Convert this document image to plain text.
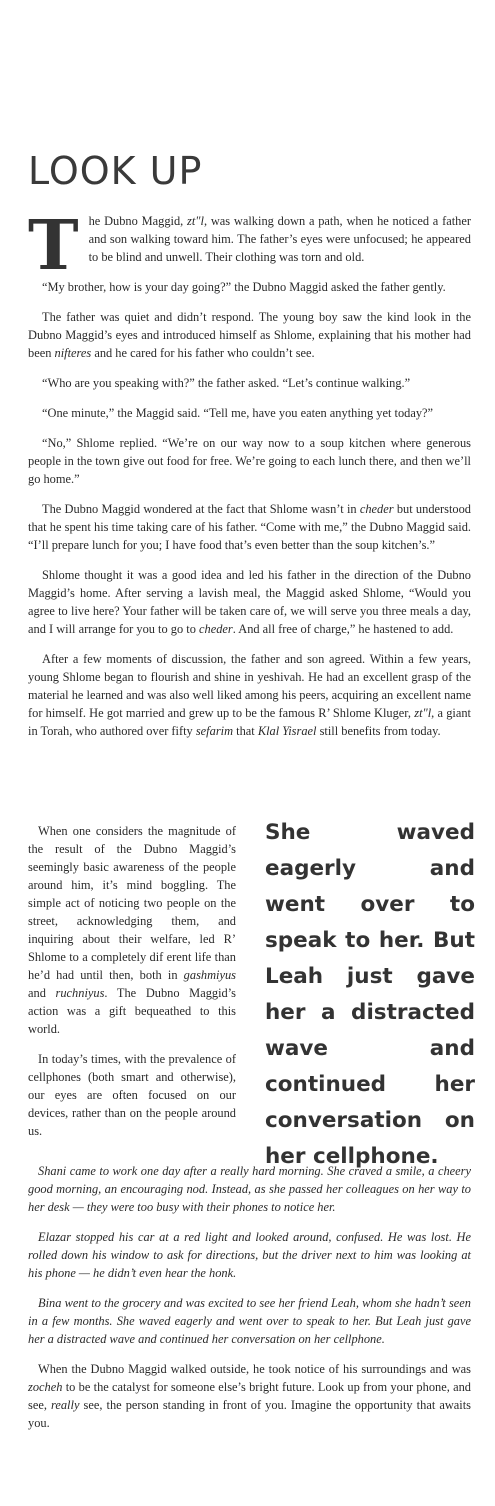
LOOK UP

The Dubno Maggid, zt"l, was walking down a path, when he noticed a father and son walking toward him. The father’s eyes were unfocused; he appeared to be blind and unwell. Their clothing was torn and old.

“My brother, how is your day going?” the Dubno Maggid asked the father gently.

The father was quiet and didn’t respond. The young boy saw the kind look in the Dubno Maggid’s eyes and introduced himself as Shlome, explaining that his mother had been nifteres and he cared for his father who couldn’t see.

“Who are you speaking with?” the father asked. “Let’s continue walking.”

“One minute,” the Maggid said. “Tell me, have you eaten anything yet today?”

“No,” Shlome replied. “We’re on our way now to a soup kitchen where generous people in the town give out food for free. We’re going to each lunch there, and then we’ll go home.”

The Dubno Maggid wondered at the fact that Shlome wasn’t in cheder but understood that he spent his time taking care of his father. “Come with me,” the Dubno Maggid said. “I’ll prepare lunch for you; I have food that’s even better than the soup kitchen’s.”

Shlome thought it was a good idea and led his father in the direction of the Dubno Maggid’s home. After serving a lavish meal, the Maggid asked Shlome, “Would you agree to live here? Your father will be taken care of, we will serve you three meals a day, and I will arrange for you to go to cheder. And all free of charge,” he hastened to add.

After a few moments of discussion, the father and son agreed. Within a few years, young Shlome began to flourish and shine in yeshivah. He had an excellent grasp of the material he learned and was also well liked among his peers, acquiring an excellent name for himself. He got married and grew up to be the famous R’ Shlome Kluger, zt"l, a giant in Torah, who authored over fifty sefarim that Klal Yisrael still benefits from today.

When one considers the magnitude of the result of the Dubno Maggid’s seemingly basic awareness of the people around him, it’s mind boggling. The simple act of noticing two people on the street, acknowledging them, and inquiring about their welfare, led R’ Shlome to a completely dif erent life than he’d had until then, both in gashmiyus and ruchniyus. The Dubno Maggid’s action was a gift bequeathed to this world.

In today’s times, with the prevalence of cellphones (both smart and otherwise), our eyes are often focused on our devices, rather than on the people around us.

She waved eagerly and went over to speak to her. But Leah just gave her a distracted wave and continued her conversation on her cellphone.

Shani came to work one day after a really hard morning. She craved a smile, a cheery good morning, an encouraging nod. Instead, as she passed her colleagues on her way to her desk — they were too busy with their phones to notice her.

Elazar stopped his car at a red light and looked around, confused. He was lost. He rolled down his window to ask for directions, but the driver next to him was looking at his phone — he didn’t even hear the honk.

Bina went to the grocery and was excited to see her friend Leah, whom she hadn’t seen in a few months. She waved eagerly and went over to speak to her. But Leah just gave her a distracted wave and continued her conversation on her cellphone.

When the Dubno Maggid walked outside, he took notice of his surroundings and was zocheh to be the catalyst for someone else’s bright future. Look up from your phone, and see, really see, the person standing in front of you. Imagine the opportunity that awaits you.
